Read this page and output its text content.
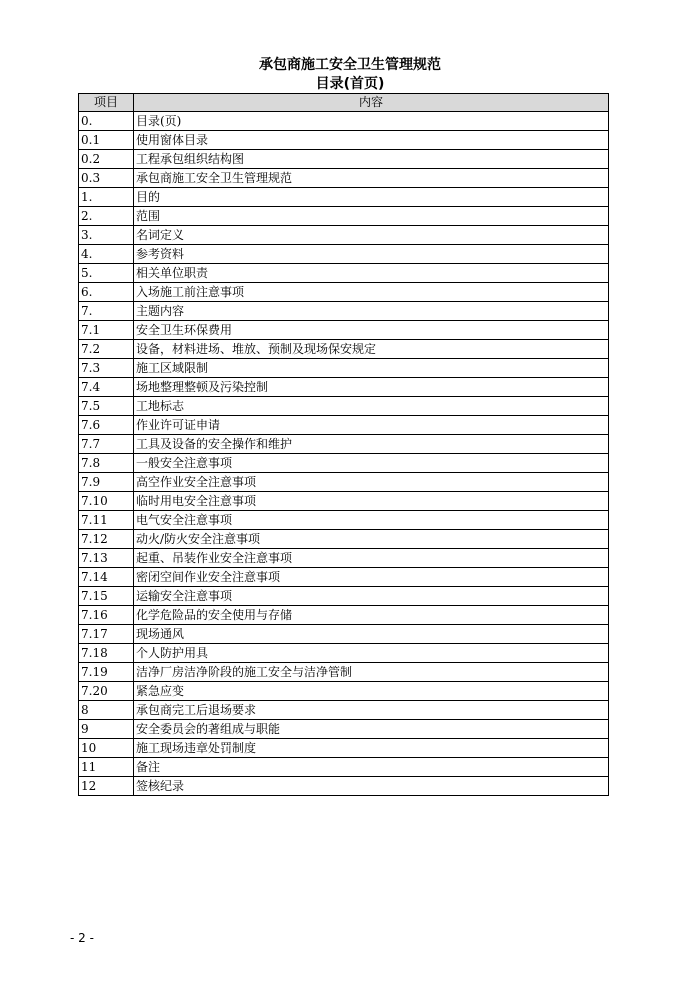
承包商施工安全卫生管理规范
目录(首页)
项目	内容
0.	目录(页)
0.1	使用窗体目录
0.2	工程承包组织结构图
0.3	承包商施工安全卫生管理规范
1.	目的
2.	范围
3.	名词定义
4.	参考资料
5.	相关单位职责
6.	入场施工前注意事项
7.	主题内容
7.1	安全卫生环保费用
7.2	设备，材料进场、堆放、预制及现场保安规定
7.3	施工区域限制
7.4	场地整理整顿及污染控制
7.5	工地标志
7.6	作业许可证申请
7.7	工具及设备的安全操作和维护
7.8	一般安全注意事项
7.9	高空作业安全注意事项
7.10	临时用电安全注意事项
7.11	电气安全注意事项
7.12	动火/防火安全注意事项
7.13	起重、吊装作业安全注意事项
7.14	密闭空间作业安全注意事项
7.15	运输安全注意事项
7.16	化学危险品的安全使用与存储
7.17	现场通风
7.18	个人防护用具
7.19	洁净厂房洁净阶段的施工安全与洁净管制
7.20	紧急应变
8	承包商完工后退场要求
9	安全委员会的著组成与职能
10	施工现场违章处罚制度
11	备注
12	签核纪录
- 2 -
